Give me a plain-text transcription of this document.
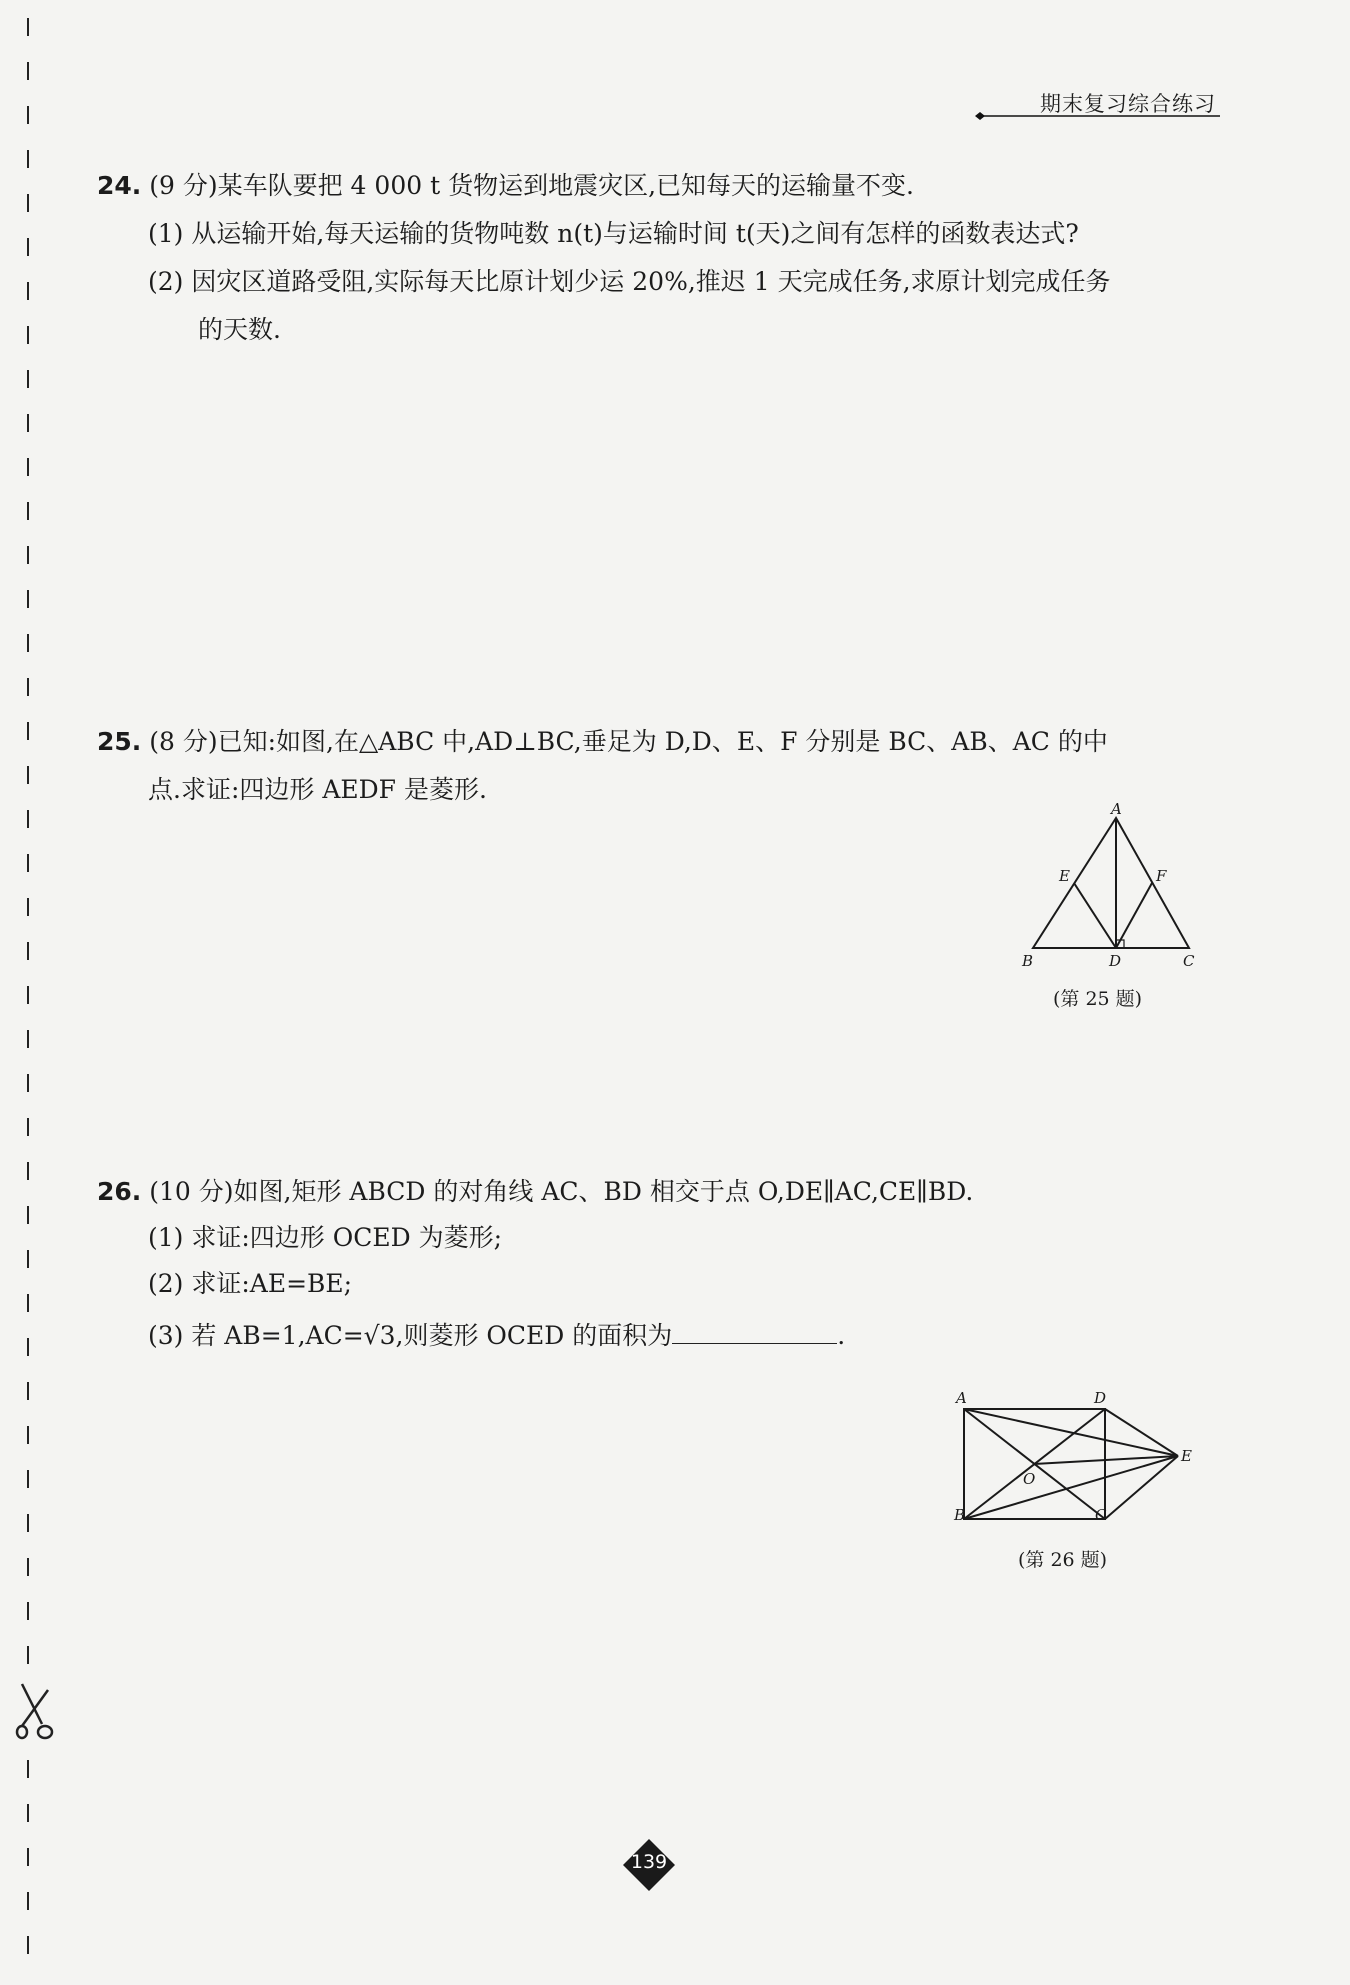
期末复习综合练习
24. (9 分)某车队要把 4 000 t 货物运到地震灾区,已知每天的运输量不变.
(1) 从运输开始,每天运输的货物吨数 n(t)与运输时间 t(天)之间有怎样的函数表达式?
(2) 因灾区道路受阻,实际每天比原计划少运 20%,推迟 1 天完成任务,求原计划完成任务
的天数.
25. (8 分)已知:如图,在△ABC 中,AD⊥BC,垂足为 D,D、E、F 分别是 BC、AB、AC 的中
点.求证:四边形 AEDF 是菱形.
A
B	C
D
E	F
(第 25 题)
26. (10 分)如图,矩形 ABCD 的对角线 AC、BD 相交于点 O,DE∥AC,CE∥BD.
(1) 求证:四边形 OCED 为菱形;
(2) 求证:AE=BE;
(3) 若 AB=1,AC=√3,则菱形 OCED 的面积为	.
A
B	C
D
E
O
(第 26 题)
139
